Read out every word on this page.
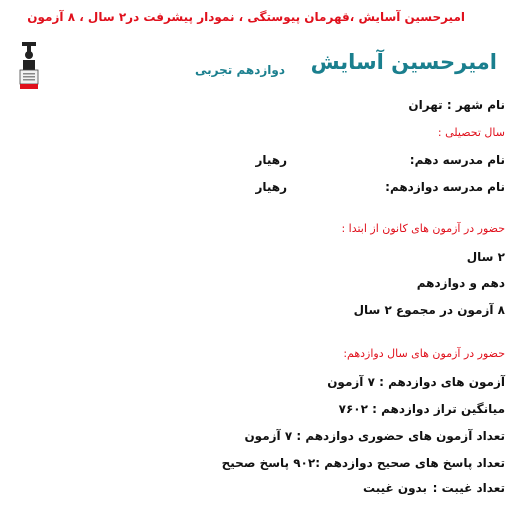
امیرحسین آسایش ،قهرمان پیوستگی ، نمودار پیشرفت در۲ سال ، ۸ آزمون
امیرحسین آسایش
دوازدهم تجربی
نام شهر : تهران
سال تحصیلی :
نام مدرسه دهم:
رهیار
نام مدرسه دوازدهم:
رهیار
حضور در آزمون های کانون از ابتدا :
۲ سال
دهم و دوازدهم
۸ آزمون در مجموع ۲ سال
حضور در آزمون های سال دوازدهم:
آزمون های دوازدهم : ۷ آزمون
میانگین تراز دوازدهم : ۷۶۰۲
تعداد آزمون های حضوری دوازدهم : ۷ آزمون
تعداد پاسخ های صحیح دوازدهم :۹۰۲ پاسخ صحیح
تعداد غیبت :
بدون غیبت
